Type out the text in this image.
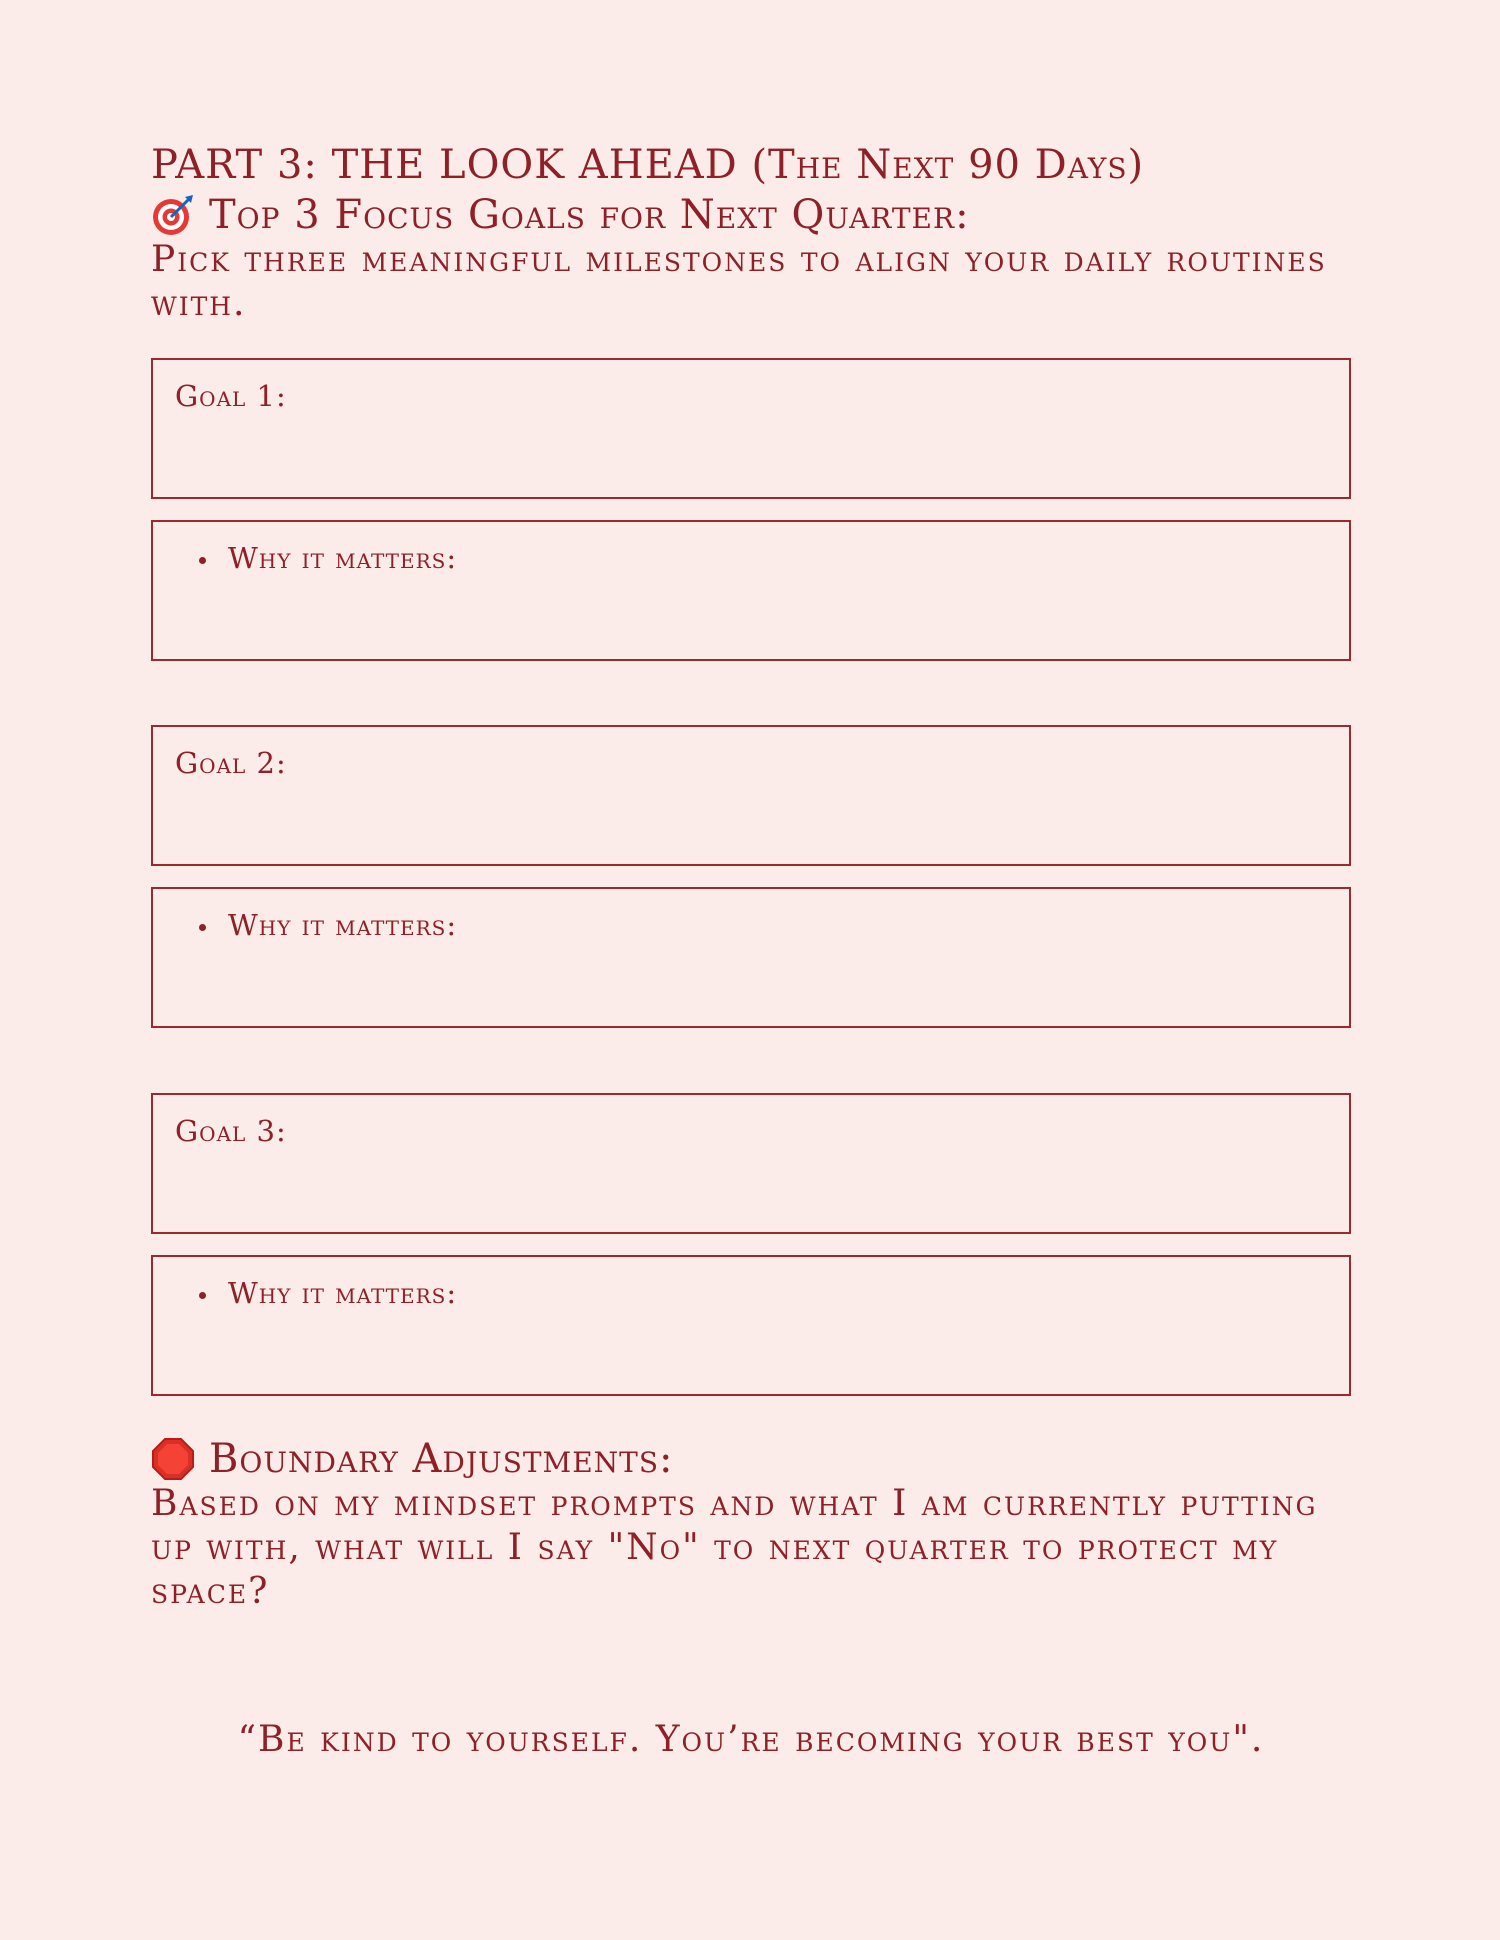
PART 3: THE LOOK AHEAD (The Next 90 Days)
Top 3 Focus Goals for Next Quarter:

Pick three meaningful milestones to align your daily routines with.

Goal 1:
Why it matters:
Goal 2:
Why it matters:
Goal 3:
Why it matters:
Boundary Adjustments:

Based on my mindset prompts and what I am currently putting up with, what will I say "No" to next quarter to protect my space?

“Be kind to yourself. You’re becoming your best you".
